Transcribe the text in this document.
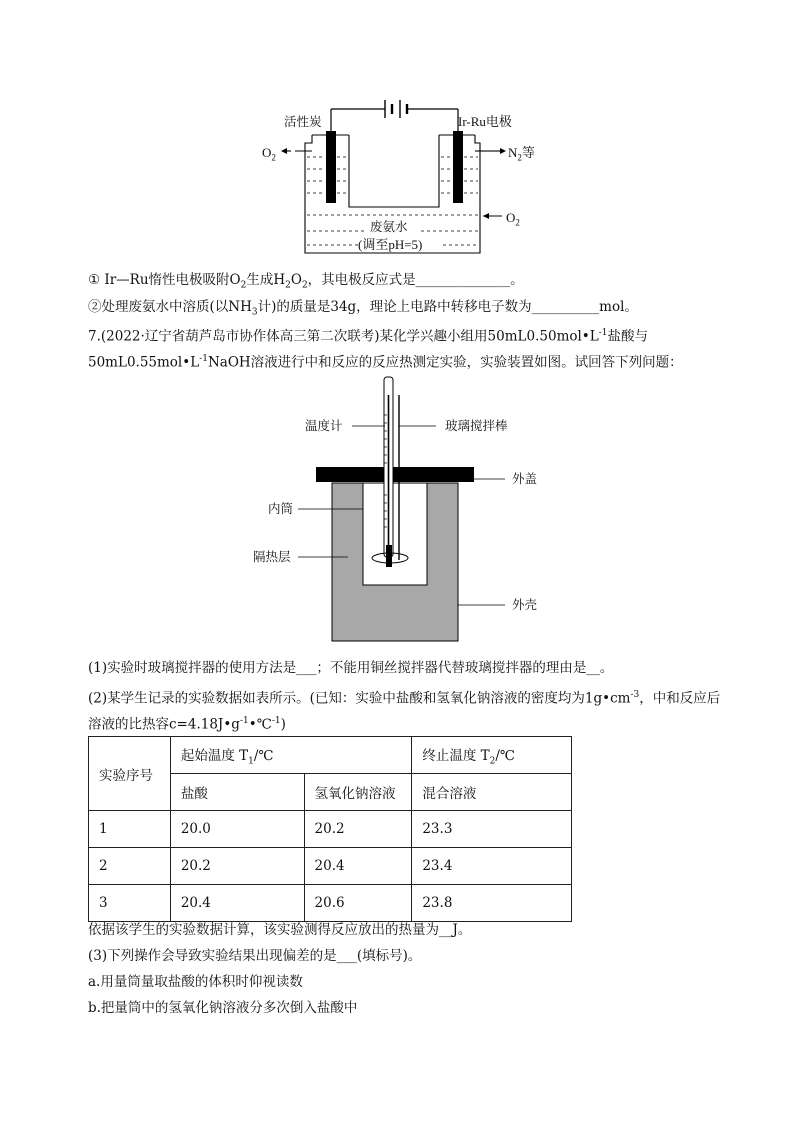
活性炭	Ir-Ru电极
$O_2$	$N_2$等
$O_2$
废氨水
(调至pH=5)
① Ir—Ru惰性电极吸附$O_2$生成$H_2O_2$，其电极反应式是______________。
②处理废氨水中溶质(以$NH_3$计)的质量是34g，理论上电路中转移电子数为__________mol。
7.(2022·辽宁省葫芦岛市协作体高三第二次联考)某化学兴趣小组用$50mL0.50mol•L^{-1}$盐酸与
$50mL0.55mol•L^{-1}NaOH$溶液进行中和反应的反应热测定实验，实验装置如图。试回答下列问题：
温度计	玻璃搅拌棒
外盖
内筒
隔热层
外壳
(1)实验时玻璃搅拌器的使用方法是___；不能用铜丝搅拌器代替玻璃搅拌器的理由是__。
(2)某学生记录的实验数据如表所示。(已知：实验中盐酸和氢氧化钠溶液的密度均为$1g•cm^{-3}$，中和反应后
溶液的比热容$c=4.18J•g^{-1}•℃^{-1}$)
实验序号	起始温度 $T_1/℃$		终止温度 $T_2/℃$
	盐酸	氢氧化钠溶液	混合溶液
1	20.0	20.2	23.3
2	20.2	20.4	23.4
3	20.4	20.6	23.8
依据该学生的实验数据计算，该实验测得反应放出的热量为__J。
(3)下列操作会导致实验结果出现偏差的是___(填标号)。
a.用量筒量取盐酸的体积时仰视读数
b.把量筒中的氢氧化钠溶液分多次倒入盐酸中
